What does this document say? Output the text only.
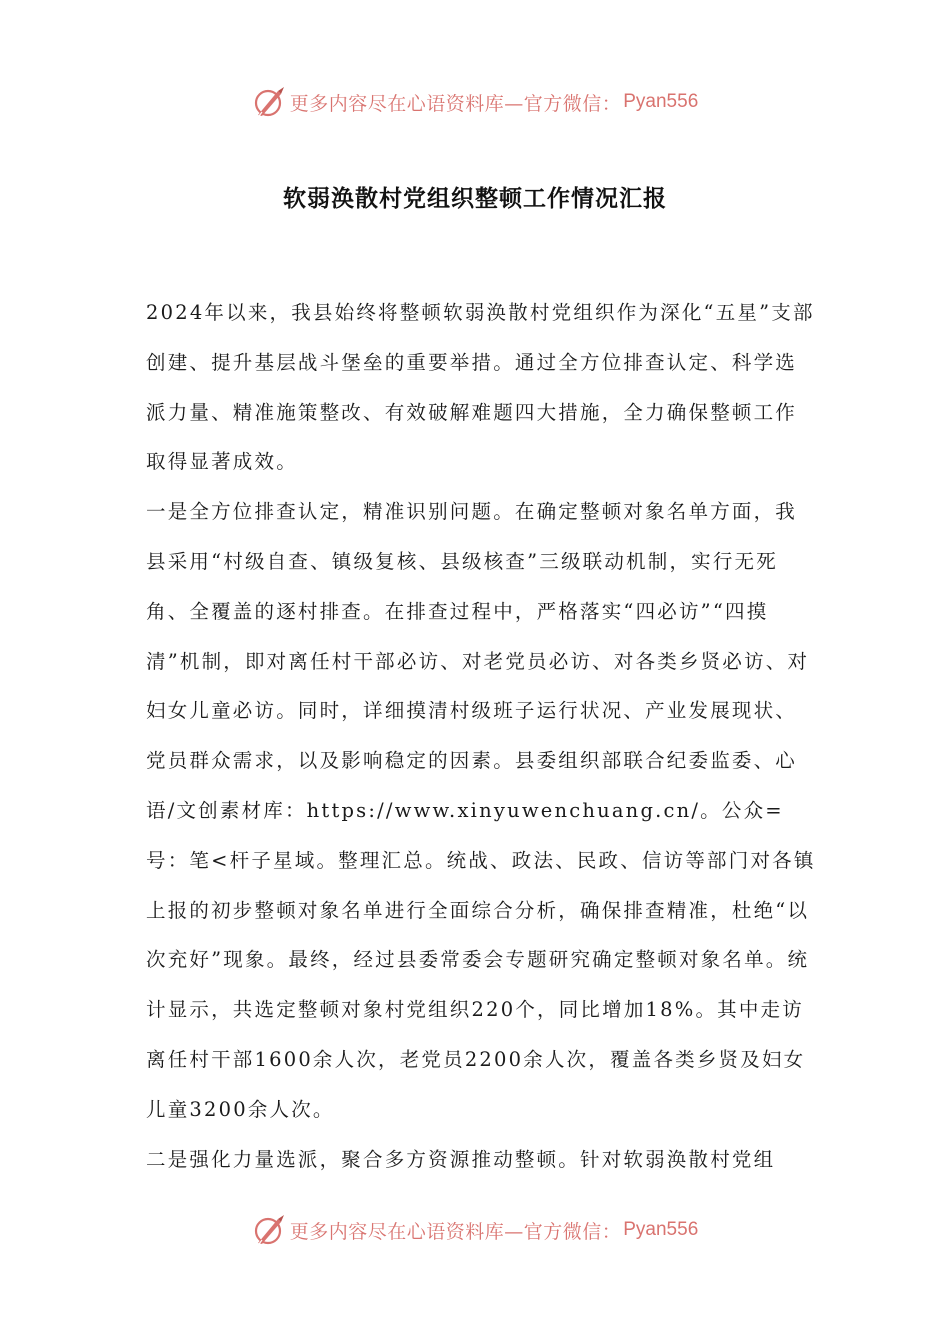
更多内容尽在心语资料库—官方微信： Pyan556
软弱涣散村党组织整顿工作情况汇报

2024年以来，我县始终将整顿软弱涣散村党组织作为深化“五星”支部创建、提升基层战斗堡垒的重要举措。通过全方位排查认定、科学选派力量、精准施策整改、有效破解难题四大措施，全力确保整顿工作取得显著成效。

一是全方位排查认定，精准识别问题。在确定整顿对象名单方面，我县采用“村级自查、镇级复核、县级核查”三级联动机制，实行无死角、全覆盖的逐村排查。在排查过程中，严格落实“四必访”“四摸清”机制，即对离任村干部必访、对老党员必访、对各类乡贤必访、对妇女儿童必访。同时，详细摸清村级班子运行状况、产业发展现状、党员群众需求，以及影响稳定的因素。县委组织部联合纪委监委、心语/文创素材库：https://www.xinyuwenchuang.cn/。公众=号：笔<杆子星域。整理汇总。统战、政法、民政、信访等部门对各镇上报的初步整顿对象名单进行全面综合分析，确保排查精准，杜绝“以次充好”现象。最终，经过县委常委会专题研究确定整顿对象名单。统计显示，共选定整顿对象村党组织220个，同比增加18%。其中走访离任村干部1600余人次，老党员2200余人次，覆盖各类乡贤及妇女儿童3200余人次。

二是强化力量选派，聚合多方资源推动整顿。针对软弱涣散村党组

更多内容尽在心语资料库—官方微信： Pyan556
